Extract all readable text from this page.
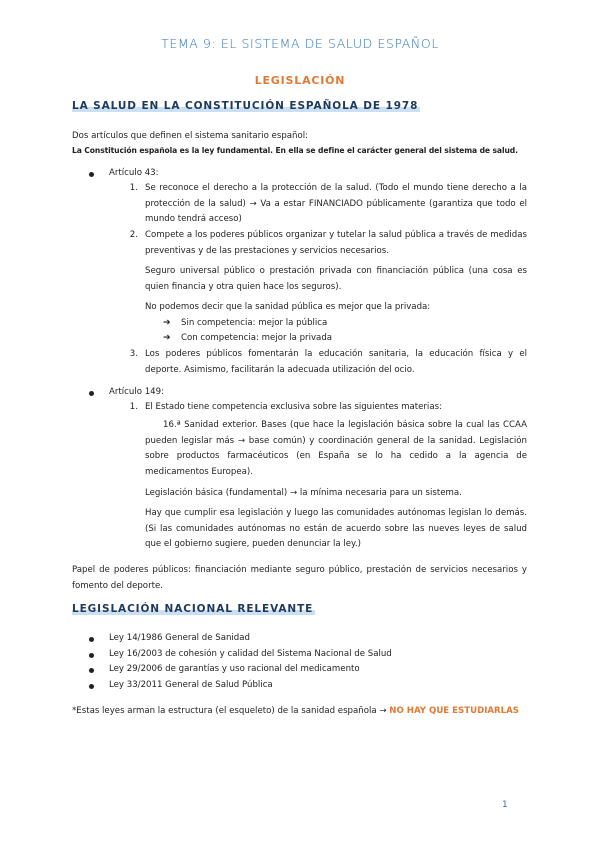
TEMA 9: EL SISTEMA DE SALUD ESPAÑOL
LEGISLACIÓN
LA SALUD EN LA CONSTITUCIÓN ESPAÑOLA DE 1978
Dos artículos que definen el sistema sanitario español:
La Constitución española es la ley fundamental. En ella se define el carácter general del sistema de salud.
Artículo 43:
1. Se reconoce el derecho a la protección de la salud. (Todo el mundo tiene derecho a la protección de la salud) → Va a estar FINANCIADO públicamente (garantiza que todo el mundo tendrá acceso)
2. Compete a los poderes públicos organizar y tutelar la salud pública a través de medidas preventivas y de las prestaciones y servicios necesarios.
Seguro universal público o prestación privada con financiación pública (una cosa es quien financia y otra quien hace los seguros).
No podemos decir que la sanidad pública es mejor que la privada:
➔ Sin competencia: mejor la pública
➔ Con competencia: mejor la privada
3. Los poderes públicos fomentarán la educación sanitaria, la educación física y el deporte. Asimismo, facilitarán la adecuada utilización del ocio.
Artículo 149:
1. El Estado tiene competencia exclusiva sobre las siguientes materias:
16.ª Sanidad exterior. Bases (que hace la legislación básica sobre la cual las CCAA pueden legislar más → base común) y coordinación general de la sanidad. Legislación sobre productos farmacéuticos (en España se lo ha cedido a la agencia de medicamentos Europea).
Legislación básica (fundamental) → la mínima necesaria para un sistema.
Hay que cumplir esa legislación y luego las comunidades autónomas legislan lo demás. (Si las comunidades autónomas no están de acuerdo sobre las nueves leyes de salud que el gobierno sugiere, pueden denunciar la ley.)
Papel de poderes públicos: financiación mediante seguro público, prestación de servicios necesarios y fomento del deporte.
LEGISLACIÓN NACIONAL RELEVANTE
Ley 14/1986 General de Sanidad
Ley 16/2003 de cohesión y calidad del Sistema Nacional de Salud
Ley 29/2006 de garantías y uso racional del medicamento
Ley 33/2011 General de Salud Pública
*Estas leyes arman la estructura (el esqueleto) de la sanidad española → NO HAY QUE ESTUDIARLAS
1
